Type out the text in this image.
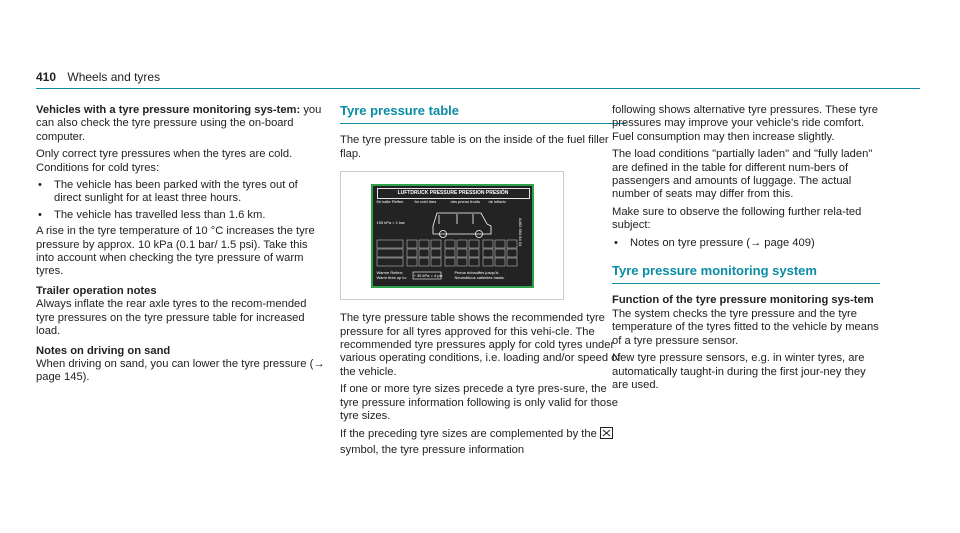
410 Wheels and tyres

Vehicles with a tyre pressure monitoring sys-tem: you can also check the tyre pressure using the on-board computer.

Only correct tyre pressures when the tyres are cold. Conditions for cold tyres:

• The vehicle has been parked with the tyres out of direct sunlight for at least three hours.
• The vehicle has travelled less than 1.6 km.

A rise in the tyre temperature of 10 °C increases the tyre pressure by approx. 10 kPa (0.1 bar/ 1.5 psi). Take this into account when checking the tyre pressure of warm tyres.

Trailer operation notes

Always inflate the rear axle tyres to the recom-mended tyre pressures on the tyre pressure table for increased load.

Notes on driving on sand

When driving on sand, you can lower the tyre pressure (→ page 145).

Tyre pressure table

The tyre pressure table is on the inside of the fuel filler flap.

LUFTDRUCK PRESSURE PRESSION PRESIÓN
für kalte Reifen	for cold tires	des pneus froids de inflado
100 kPa = 1 bar	A463 584 84 04
Warme Reifen:
Warm tires up to: + 30 kPa = 4 psi
Pneus échauffés jusqu'à:
Neumáticos calientes hasta:

The tyre pressure table shows the recommended tyre pressure for all tyres approved for this vehi-cle. The recommended tyre pressures apply for cold tyres under various operating conditions, i.e. loading and/or speed of the vehicle.

If one or more tyre sizes precede a tyre pres-sure, the tyre pressure information following is only valid for those tyre sizes.

If the preceding tyre sizes are complemented by the  symbol, the tyre pressure information

following shows alternative tyre pressures. These tyre pressures may improve your vehicle's ride comfort. Fuel consumption may then increase slightly.

The load conditions "partially laden" and "fully laden" are defined in the table for different num-bers of passengers and amounts of luggage. The actual number of seats may differ from this.

Make sure to observe the following further rela-ted subject:

• Notes on tyre pressure (→ page 409)
Tyre pressure monitoring system

Function of the tyre pressure monitoring sys-tem

The system checks the tyre pressure and the tyre temperature of the tyres fitted to the vehicle by means of a tyre pressure sensor.

New tyre pressure sensors, e.g. in winter tyres, are automatically taught-in during the first jour-ney they are used.
